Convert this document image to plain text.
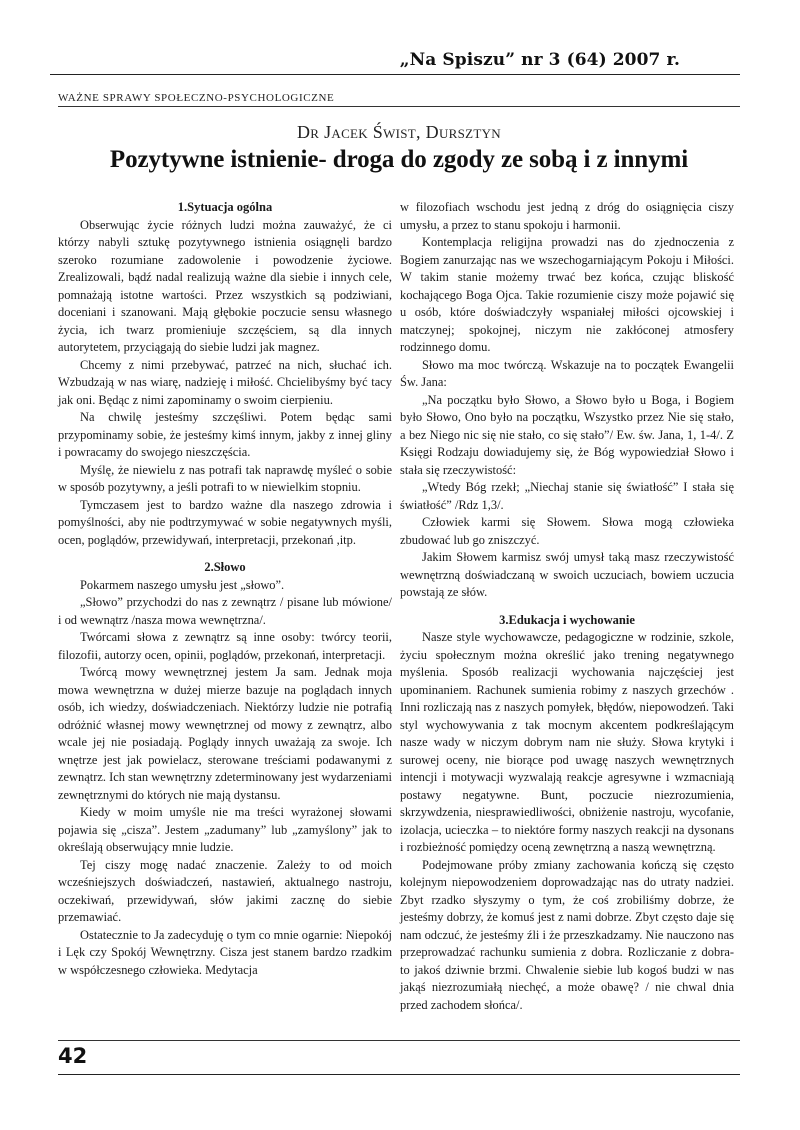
„Na Spiszu” nr 3 (64) 2007 r.
WAŻNE SPRAWY SPOŁECZNO-PSYCHOLOGICZNE
Dr Jacek Świst, Dursztyn
Pozytywne istnienie- droga do zgody ze sobą i z innymi
1.Sytuacja ogólna

Obserwując życie różnych ludzi można zauważyć, że ci którzy nabyli sztukę pozytywnego istnienia osiągnęli bardzo szeroko rozumiane zadowolenie i powodzenie życiowe. Zrealizowali, bądź nadal realizują ważne dla siebie i innych cele, pomnażają istotne wartości. Przez wszystkich są podziwiani, doceniani i szanowani. Mają głębokie poczucie sensu własnego życia, ich twarz promieniuje szczęściem, są dla innych autorytetem, przyciągają do siebie ludzi jak magnez.

Chcemy z nimi przebywać, patrzeć na nich, słuchać ich. Wzbudzają w nas wiarę, nadzieję i miłość. Chcielibyśmy być tacy jak oni. Będąc z nimi zapominamy o swoim cierpieniu.

Na chwilę jesteśmy szczęśliwi. Potem będąc sami przypominamy sobie, że jesteśmy kimś innym, jakby z innej gliny i powracamy do swojego nieszczęścia.

Myślę, że niewielu z nas potrafi tak naprawdę myśleć o sobie w sposób pozytywny, a jeśli potrafi to w niewielkim stopniu.

Tymczasem jest to bardzo ważne dla naszego zdrowia i pomyślności, aby nie podtrzymywać w sobie negatywnych myśli, ocen, poglądów, przewidywań, interpretacji, przekonań ,itp.

2.Słowo

Pokarmem naszego umysłu jest „słowo”.

„Słowo” przychodzi do nas z zewnątrz / pisane lub mówione/ i od wewnątrz /nasza mowa wewnętrzna/.

Twórcami słowa z zewnątrz są inne osoby: twórcy teorii, filozofii, autorzy ocen, opinii, poglądów, przekonań, interpretacji.

Twórcą mowy wewnętrznej jestem Ja sam. Jednak moja mowa wewnętrzna w dużej mierze bazuje na poglądach innych osób, ich wiedzy, doświadczeniach. Niektórzy ludzie nie potrafią odróżnić własnej mowy wewnętrznej od mowy z zewnątrz, albo wcale jej nie posiadają. Poglądy innych uważają za swoje. Ich wnętrze jest jak powielacz, sterowane treściami podawanymi z zewnątrz. Ich stan wewnętrzny zdeterminowany jest wydarzeniami zewnętrznymi do których nie mają dystansu.

Kiedy w moim umyśle nie ma treści wyrażonej słowami pojawia się „cisza”. Jestem „zadumany” lub „zamyślony” jak to określają obserwujący mnie ludzie.

Tej ciszy mogę nadać znaczenie. Zależy to od moich wcześniejszych doświadczeń, nastawień, aktualnego nastroju, oczekiwań, przewidywań, słów jakimi zacznę do siebie przemawiać.

Ostatecznie to Ja zadecyduję o tym co mnie ogarnie: Niepokój i Lęk czy Spokój Wewnętrzny. Cisza jest stanem bardzo rzadkim w współczesnego człowieka. Medytacja

w filozofiach wschodu jest jedną z dróg do osiągnięcia ciszy umysłu, a przez to stanu spokoju i harmonii.

Kontemplacja religijna prowadzi nas do zjednoczenia z Bogiem zanurzając nas we wszechogarniającym Pokoju i Miłości. W takim stanie możemy trwać bez końca, czując bliskość kochającego Boga Ojca. Takie rozumienie ciszy może pojawić się u osób, które doświadczyły wspaniałej miłości ojcowskiej i matczynej; spokojnej, niczym nie zakłóconej atmosfery rodzinnego domu.

Słowo ma moc twórczą. Wskazuje na to początek Ewangelii Św. Jana:

„Na początku było Słowo, a Słowo było u Boga, i Bogiem było Słowo, Ono było na początku, Wszystko przez Nie się stało, a bez Niego nic się nie stało, co się stało”/ Ew. św. Jana, 1, 1-4/. Z Księgi Rodzaju dowiadujemy się, że Bóg wypowiedział Słowo i stała się rzeczywistość:

„Wtedy Bóg rzekł; „Niechaj stanie się światłość” I stała się światłość” /Rdz 1,3/.

Człowiek karmi się Słowem. Słowa mogą człowieka zbudować lub go zniszczyć.

Jakim Słowem karmisz swój umysł taką masz rzeczywistość wewnętrzną doświadczaną w swoich uczuciach, bowiem uczucia powstają ze słów.

3.Edukacja i wychowanie

Nasze style wychowawcze, pedagogiczne w rodzinie, szkole, życiu społecznym można określić jako trening negatywnego myślenia. Sposób realizacji wychowania najczęściej jest upominaniem. Rachunek sumienia robimy z naszych grzechów . Inni rozliczają nas z naszych pomyłek, błędów, niepowodzeń. Taki styl wychowywania z tak mocnym akcentem podkreślającym nasze wady w niczym dobrym nam nie służy. Słowa krytyki i surowej oceny, nie biorące pod uwagę naszych wewnętrznych intencji i motywacji wyzwalają reakcje agresywne i wzmacniają postawy negatywne. Bunt, poczucie niezrozumienia, skrzywdzenia, niesprawiedliwości, obniżenie nastroju, wycofanie, izolacja, ucieczka – to niektóre formy naszych reakcji na dysonans i rozbieżność pomiędzy oceną zewnętrzną a naszą wewnętrzną.

Podejmowane próby zmiany zachowania kończą się często kolejnym niepowodzeniem doprowadzając nas do utraty nadziei. Zbyt rzadko słyszymy o tym, że coś zrobiliśmy dobrze, że jesteśmy dobrzy, że komuś jest z nami dobrze. Zbyt często daje się nam odczuć, że jesteśmy źli i że przeszkadzamy. Nie nauczono nas przeprowadzać rachunku sumienia z dobra. Rozliczanie z dobra- to jakoś dziwnie brzmi. Chwalenie siebie lub kogoś budzi w nas jakąś niezrozumiałą niechęć, a może obawę? / nie chwal dnia przed zachodem słońca/.

42
